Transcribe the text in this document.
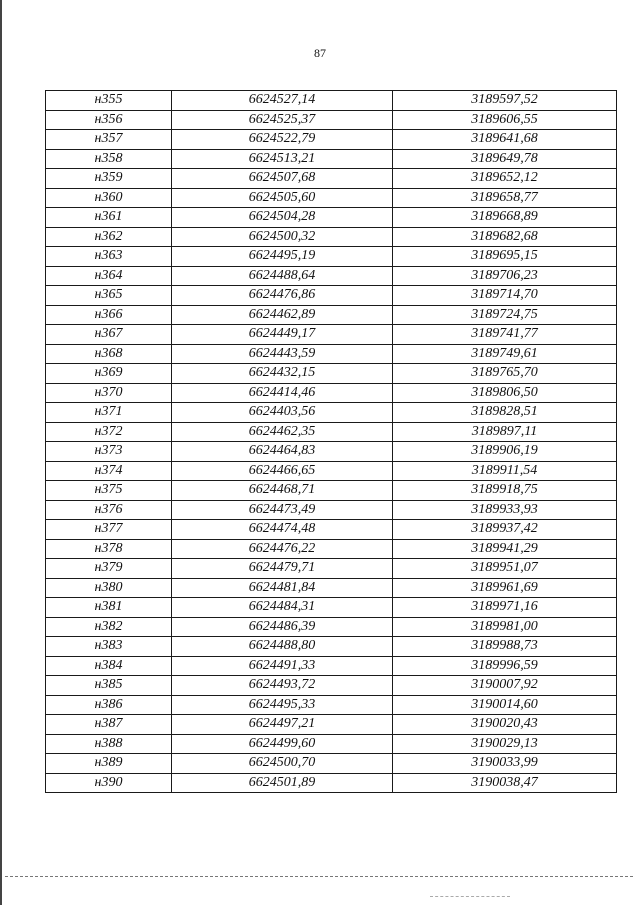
87
н355	6624527,14	3189597,52
н356	6624525,37	3189606,55
н357	6624522,79	3189641,68
н358	6624513,21	3189649,78
н359	6624507,68	3189652,12
н360	6624505,60	3189658,77
н361	6624504,28	3189668,89
н362	6624500,32	3189682,68
н363	6624495,19	3189695,15
н364	6624488,64	3189706,23
н365	6624476,86	3189714,70
н366	6624462,89	3189724,75
н367	6624449,17	3189741,77
н368	6624443,59	3189749,61
н369	6624432,15	3189765,70
н370	6624414,46	3189806,50
н371	6624403,56	3189828,51
н372	6624462,35	3189897,11
н373	6624464,83	3189906,19
н374	6624466,65	3189911,54
н375	6624468,71	3189918,75
н376	6624473,49	3189933,93
н377	6624474,48	3189937,42
н378	6624476,22	3189941,29
н379	6624479,71	3189951,07
н380	6624481,84	3189961,69
н381	6624484,31	3189971,16
н382	6624486,39	3189981,00
н383	6624488,80	3189988,73
н384	6624491,33	3189996,59
н385	6624493,72	3190007,92
н386	6624495,33	3190014,60
н387	6624497,21	3190020,43
н388	6624499,60	3190029,13
н389	6624500,70	3190033,99
н390	6624501,89	3190038,47
